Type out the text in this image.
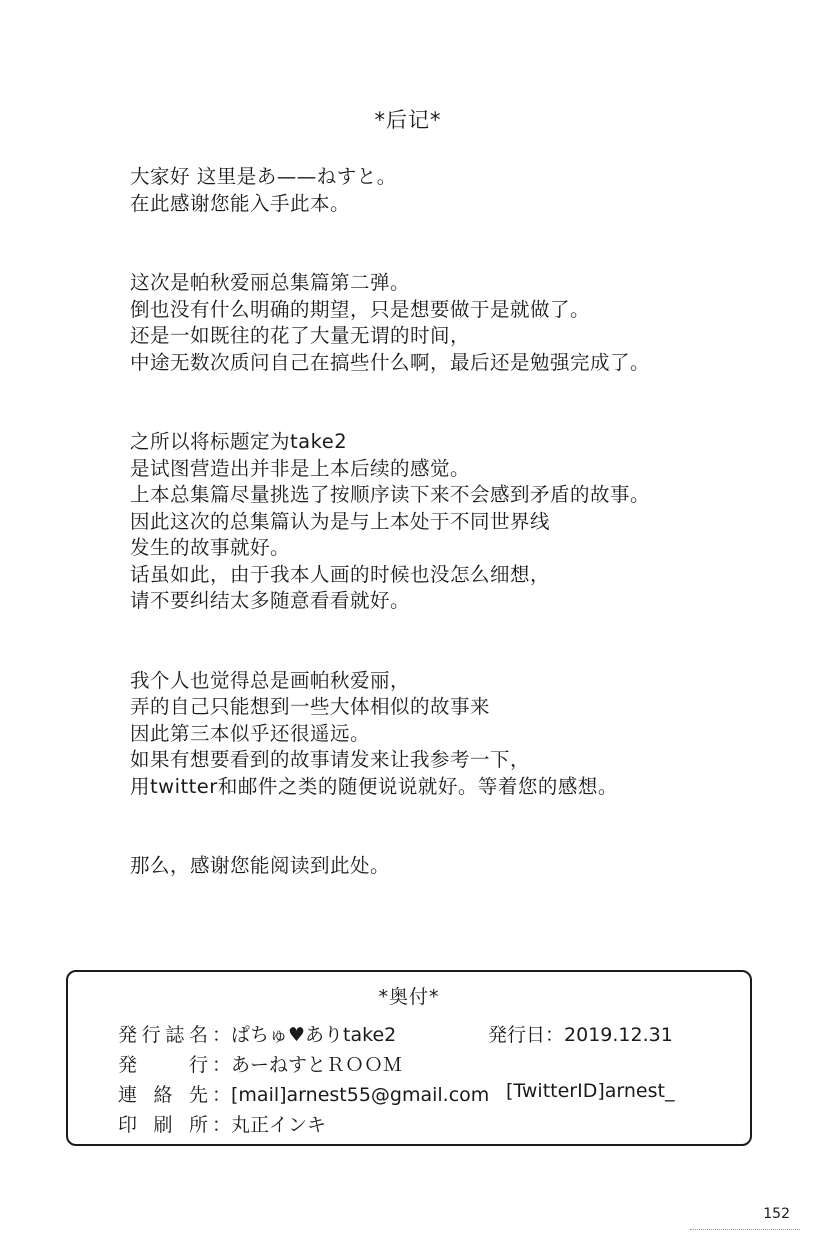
*后记*

大家好 这里是あ——ねすと。
在此感谢您能入手此本。

这次是帕秋爱丽总集篇第二弹。
倒也没有什么明确的期望，只是想要做于是就做了。
还是一如既往的花了大量无谓的时间，
中途无数次质问自己在搞些什么啊，最后还是勉强完成了。

之所以将标题定为take2
是试图营造出并非是上本后续的感觉。
上本总集篇尽量挑选了按顺序读下来不会感到矛盾的故事。
因此这次的总集篇认为是与上本处于不同世界线
发生的故事就好。
话虽如此，由于我本人画的时候也没怎么细想，
请不要纠结太多随意看看就好。

我个人也觉得总是画帕秋爱丽，
弄的自己只能想到一些大体相似的故事来
因此第三本似乎还很遥远。
如果有想要看到的故事请发来让我参考一下，
用twitter和邮件之类的随便说说就好。等着您的感想。

那么，感谢您能阅读到此处。

*奥付*
発行誌名 ：ぱちゅ♥ありtake2	発行日：2019.12.31
発　行 ：あーねすとＲＯＯＭ
連絡先 ：[mail]arnest55@gmail.com [TwitterID]arnest_
印刷所 ：丸正インキ
152
